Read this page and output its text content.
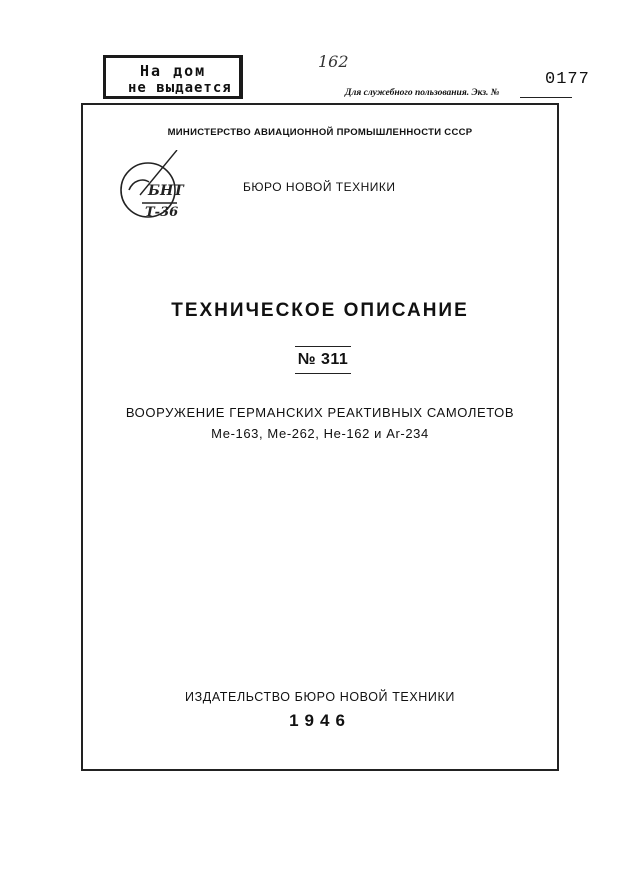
На дом
не выдается
162
0177
Для служебного пользования. Экз. №
МИНИСТЕРСТВО АВИАЦИОННОЙ ПРОМЫШЛЕННОСТИ СССР
БНТ
Т-36
БЮРО НОВОЙ ТЕХНИКИ
ТЕХНИЧЕСКОЕ ОПИСАНИЕ
№ 311
ВООРУЖЕНИЕ ГЕРМАНСКИХ РЕАКТИВНЫХ САМОЛЕТОВ
Ме-163, Ме-262, Не-162 и Ar-234
ИЗДАТЕЛЬСТВО БЮРО НОВОЙ ТЕХНИКИ
1946
